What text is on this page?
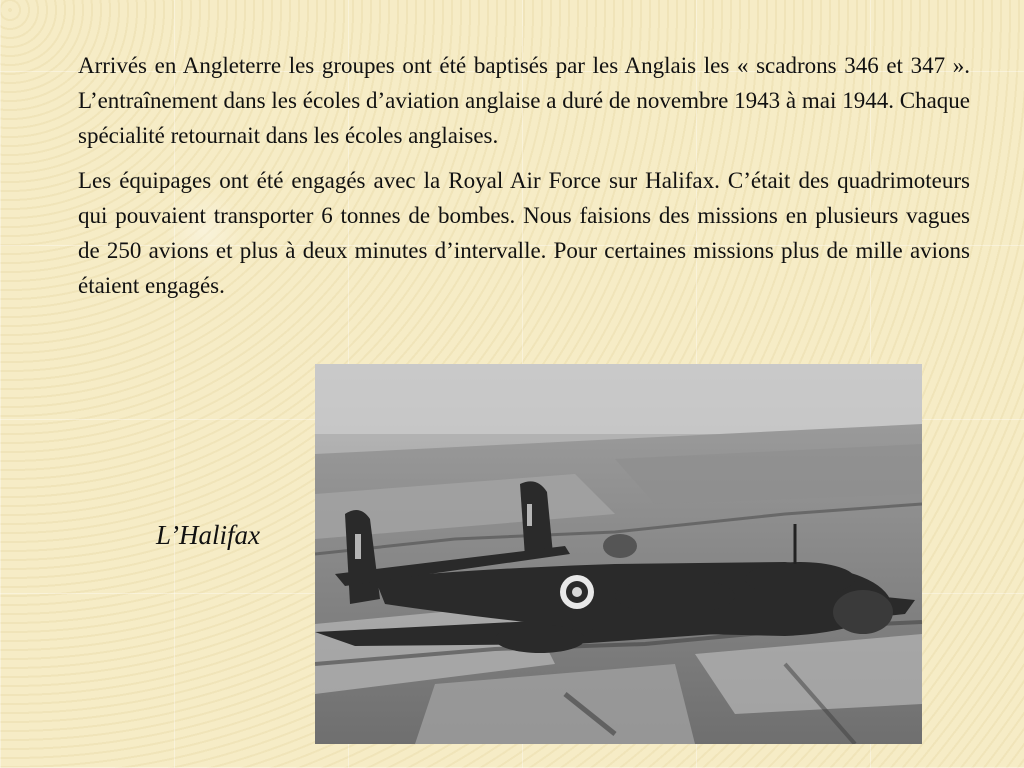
Arrivés en Angleterre les groupes ont été baptisés par les Anglais les « scadrons 346 et 347 ». L’entraînement dans les écoles d’aviation anglaise a duré de novembre 1943 à mai 1944. Chaque spécialité retournait dans les écoles anglaises.

Les équipages ont été engagés avec la Royal Air Force sur Halifax. C’était des quadrimoteurs qui pouvaient transporter 6 tonnes de bombes. Nous faisions des missions en plusieurs vagues de 250 avions et plus à deux minutes d’intervalle. Pour certaines missions plus de mille avions étaient engagés.

L’Halifax
